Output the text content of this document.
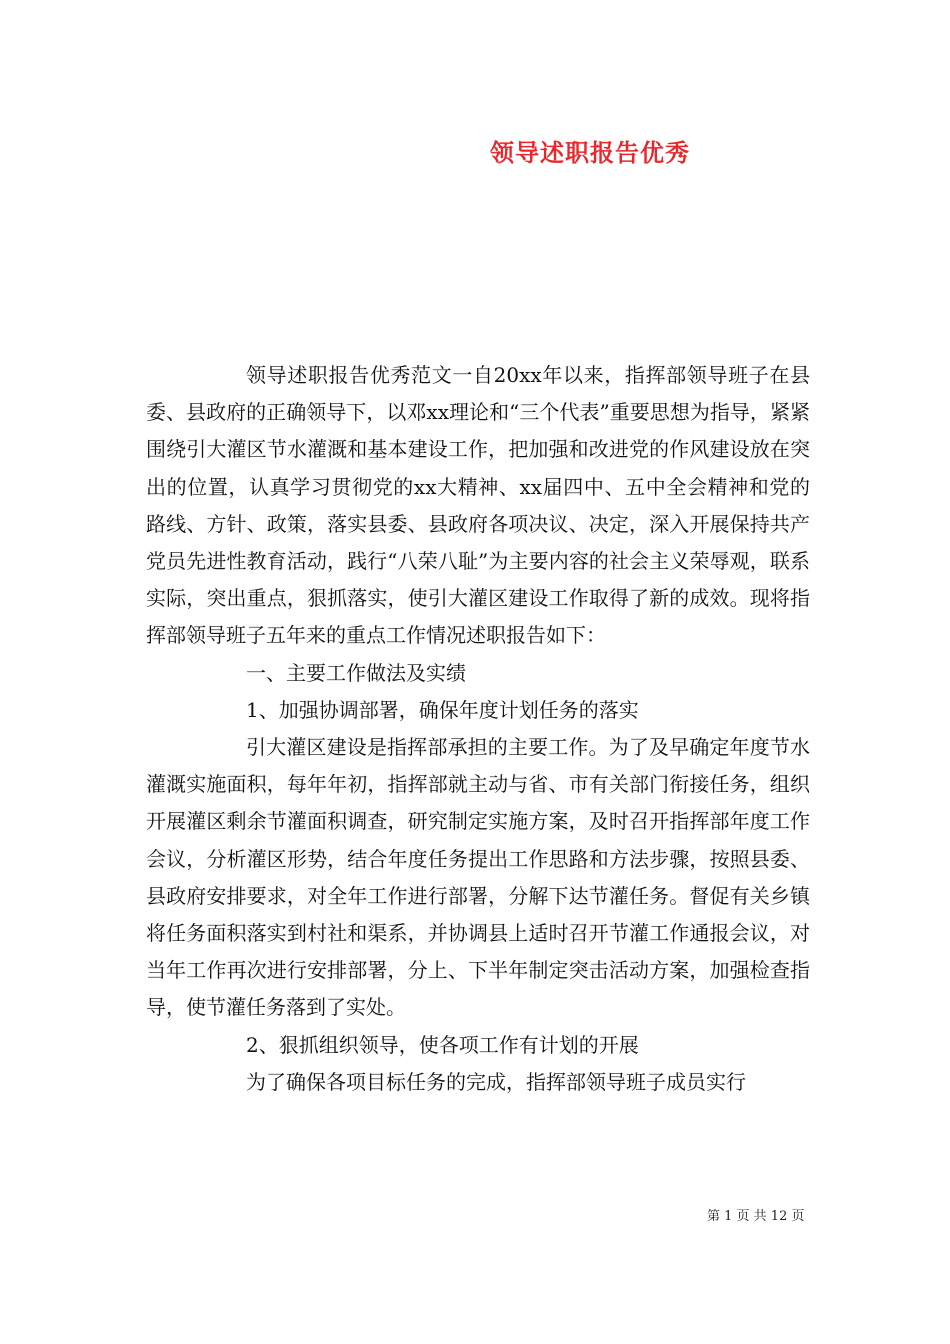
领导述职报告优秀

领导述职报告优秀范文一自20xx年以来，指挥部领导班子在县委、县政府的正确领导下，以邓xx理论和“三个代表”重要思想为指导，紧紧围绕引大灌区节水灌溉和基本建设工作，把加强和改进党的作风建设放在突出的位置，认真学习贯彻党的xx大精神、xx届四中、五中全会精神和党的路线、方针、政策，落实县委、县政府各项决议、决定，深入开展保持共产党员先进性教育活动，践行“八荣八耻”为主要内容的社会主义荣辱观，联系实际，突出重点，狠抓落实，使引大灌区建设工作取得了新的成效。现将指挥部领导班子五年来的重点工作情况述职报告如下：

一、主要工作做法及实绩

1、加强协调部署，确保年度计划任务的落实

引大灌区建设是指挥部承担的主要工作。为了及早确定年度节水灌溉实施面积，每年年初，指挥部就主动与省、市有关部门衔接任务，组织开展灌区剩余节灌面积调查，研究制定实施方案，及时召开指挥部年度工作会议，分析灌区形势，结合年度任务提出工作思路和方法步骤，按照县委、县政府安排要求，对全年工作进行部署，分解下达节灌任务。督促有关乡镇将任务面积落实到村社和渠系，并协调县上适时召开节灌工作通报会议，对当年工作再次进行安排部署，分上、下半年制定突击活动方案，加强检查指导，使节灌任务落到了实处。

2、狠抓组织领导，使各项工作有计划的开展

为了确保各项目标任务的完成，指挥部领导班子成员实行

第 1 页 共 12 页
